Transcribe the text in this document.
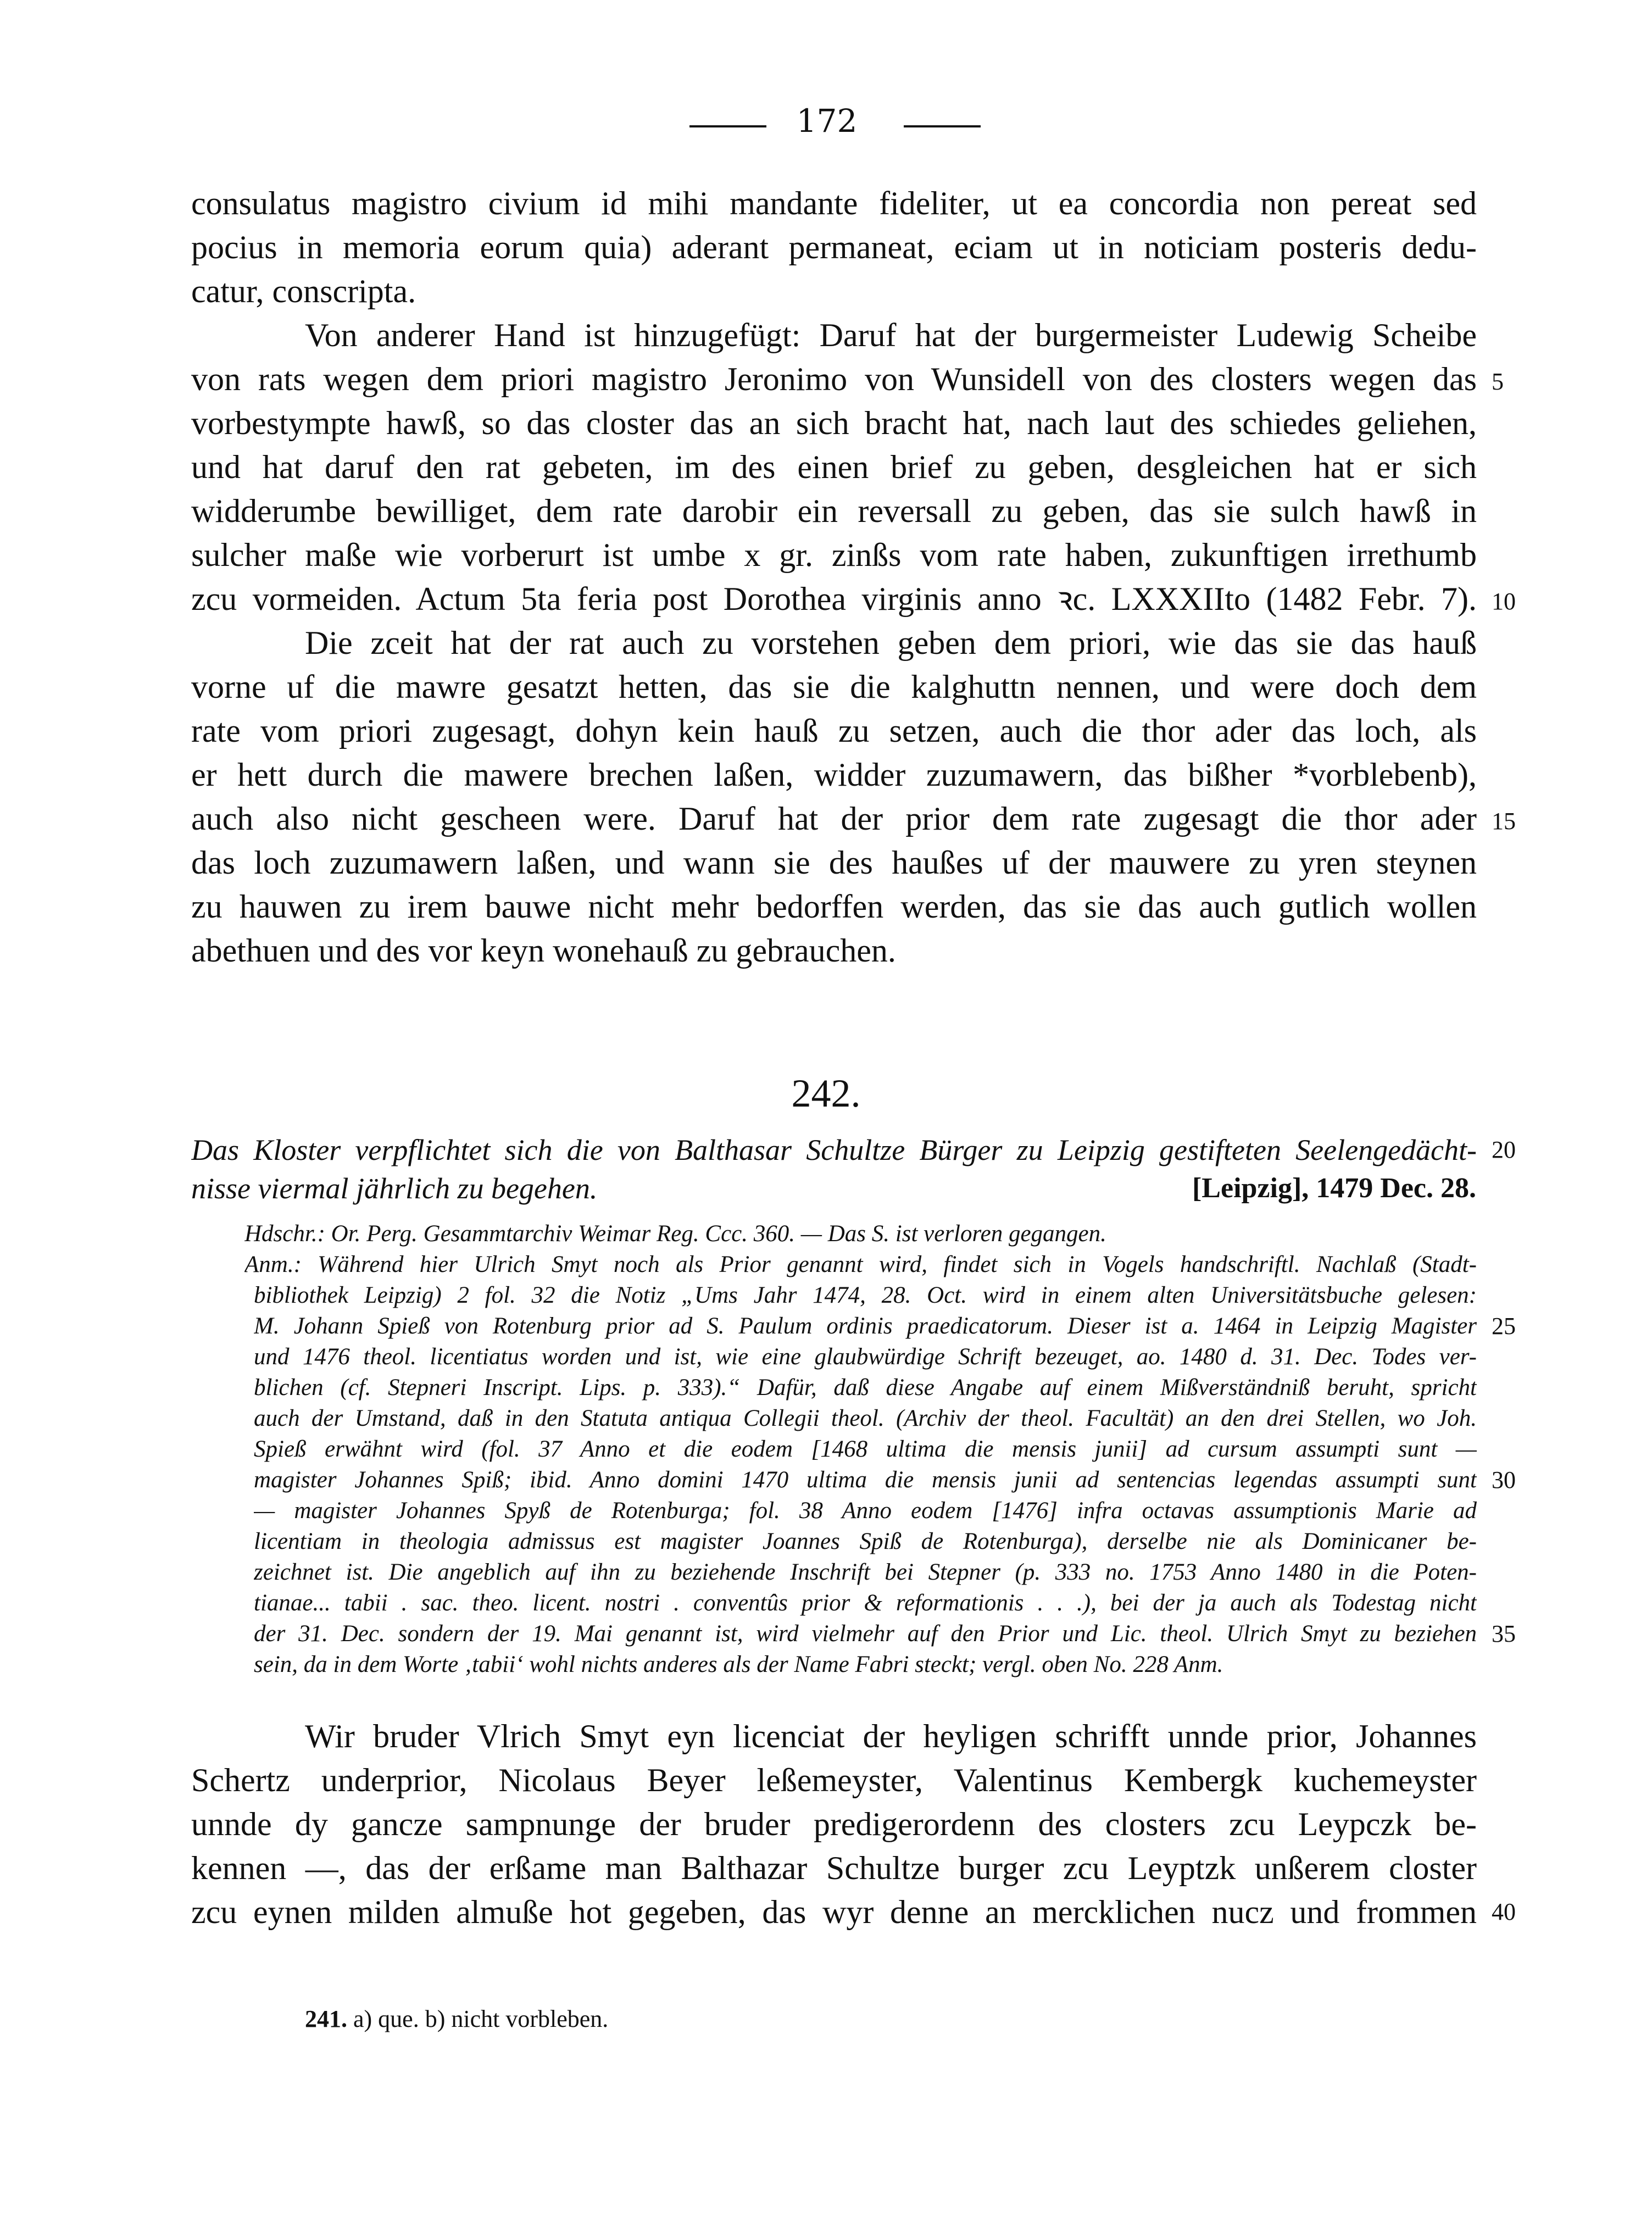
172
consulatus magistro civium id mihi mandante fideliter, ut ea concordia non pereat sed
pocius in memoria eorum quia) aderant permaneat, eciam ut in noticiam posteris dedu-
catur, conscripta.
Von anderer Hand ist hinzugefügt: Daruf hat der burgermeister Ludewig Scheibe
von rats wegen dem priori magistro Jeronimo von Wunsidell von des closters wegen das
vorbestympte hawß, so das closter das an sich bracht hat, nach laut des schiedes geliehen,
und hat daruf den rat gebeten, im des einen brief zu geben, desgleichen hat er sich
widderumbe bewilliget, dem rate darobir ein reversall zu geben, das sie sulch hawß in
sulcher maße wie vorberurt ist umbe x gr. zinßs vom rate haben, zukunftigen irrethumb
zcu vormeiden. Actum 5ta feria post Dorothea virginis anno ꝛc. LXXXIIto (1482 Febr. 7).
Die zceit hat der rat auch zu vorstehen geben dem priori, wie das sie das hauß
vorne uf die mawre gesatzt hetten, das sie die kalghuttn nennen, und were doch dem
rate vom priori zugesagt, dohyn kein hauß zu setzen, auch die thor ader das loch, als
er hett durch die mawere brechen laßen, widder zuzumawern, das bißher *vorblebenb),
auch also nicht gescheen were. Daruf hat der prior dem rate zugesagt die thor ader
das loch zuzumawern laßen, und wann sie des haußes uf der mauwere zu yren steynen
zu hauwen zu irem bauwe nicht mehr bedorffen werden, das sie das auch gutlich wollen
abethuen und des vor keyn wonehauß zu gebrauchen.
242.
Das Kloster verpflichtet sich die von Balthasar Schultze Bürger zu Leipzig gestifteten Seelengedächt-
nisse viermal jährlich zu begehen.	[Leipzig], 1479 Dec. 28.
Hdschr.: Or. Perg. Gesammtarchiv Weimar Reg. Ccc. 360. — Das S. ist verloren gegangen.
Anm.: Während hier Ulrich Smyt noch als Prior genannt wird, findet sich in Vogels handschriftl. Nachlaß (Stadt-
bibliothek Leipzig) 2 fol. 32 die Notiz „Ums Jahr 1474, 28. Oct. wird in einem alten Universitätsbuche gelesen:
M. Johann Spieß von Rotenburg prior ad S. Paulum ordinis praedicatorum. Dieser ist a. 1464 in Leipzig Magister
und 1476 theol. licentiatus worden und ist, wie eine glaubwürdige Schrift bezeuget, ao. 1480 d. 31. Dec. Todes ver-
blichen (cf. Stepneri Inscript. Lips. p. 333).“ Dafür, daß diese Angabe auf einem Mißverständniß beruht, spricht
auch der Umstand, daß in den Statuta antiqua Collegii theol. (Archiv der theol. Facultät) an den drei Stellen, wo Joh.
Spieß erwähnt wird (fol. 37 Anno et die eodem [1468 ultima die mensis junii] ad cursum assumpti sunt —
magister Johannes Spiß; ibid. Anno domini 1470 ultima die mensis junii ad sentencias legendas assumpti sunt
— magister Johannes Spyß de Rotenburga; fol. 38 Anno eodem [1476] infra octavas assumptionis Marie ad
licentiam in theologia admissus est magister Joannes Spiß de Rotenburga), derselbe nie als Dominicaner be-
zeichnet ist. Die angeblich auf ihn zu beziehende Inschrift bei Stepner (p. 333 no. 1753 Anno 1480 in die Poten-
tianae... tabii . sac. theo. licent. nostri . conventûs prior & reformationis . . .), bei der ja auch als Todestag nicht
der 31. Dec. sondern der 19. Mai genannt ist, wird vielmehr auf den Prior und Lic. theol. Ulrich Smyt zu beziehen
sein, da in dem Worte ‚tabii‘ wohl nichts anderes als der Name Fabri steckt; vergl. oben No. 228 Anm.
Wir bruder Vlrich Smyt eyn licenciat der heyligen schrifft unnde prior, Johannes
Schertz underprior, Nicolaus Beyer leßemeyster, Valentinus Kembergk kuchemeyster
unnde dy gancze sampnunge der bruder predigerordenn des closters zcu Leypczk be-
kennen —, das der erßame man Balthazar Schultze burger zcu Leyptzk unßerem closter
zcu eynen milden almuße hot gegeben, das wyr denne an mercklichen nucz und frommen
241. a) que. b) nicht vorbleben.
5
10
15
20
25
30
35
40
